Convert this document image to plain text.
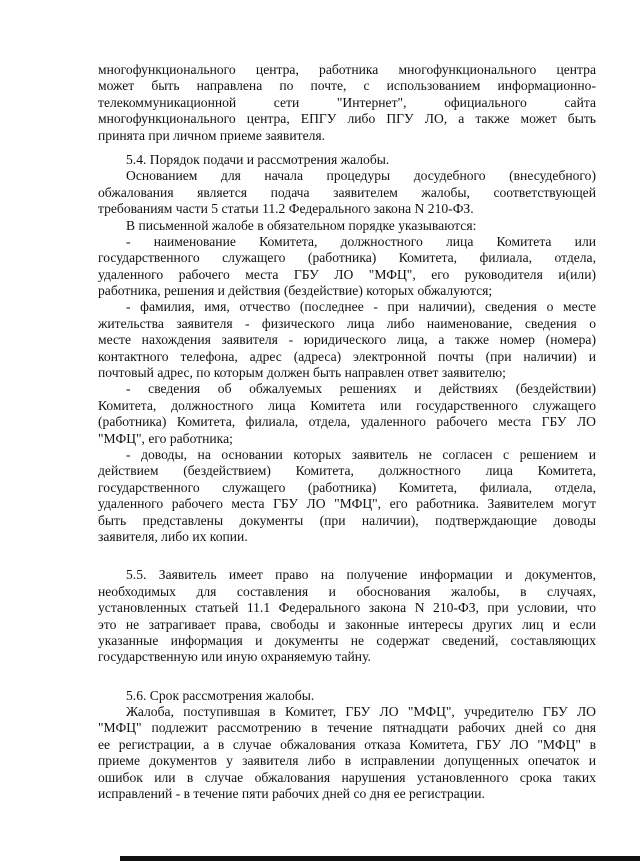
многофункционального центра, работника многофункционального центра
может быть направлена по почте, с использованием информационно-
телекоммуникационной сети "Интернет", официального сайта
многофункционального центра, ЕПГУ либо ПГУ ЛО, а также может быть
принята при личном приеме заявителя.
5.4. Порядок подачи и рассмотрения жалобы.
Основанием для начала процедуры досудебного (внесудебного)
обжалования является подача заявителем жалобы, соответствующей
требованиям части 5 статьи 11.2 Федерального закона N 210-ФЗ.
В письменной жалобе в обязательном порядке указываются:
- наименование Комитета, должностного лица Комитета или
государственного служащего (работника) Комитета, филиала, отдела,
удаленного рабочего места ГБУ ЛО "МФЦ", его руководителя и(или)
работника, решения и действия (бездействие) которых обжалуются;
- фамилия, имя, отчество (последнее - при наличии), сведения о месте
жительства заявителя - физического лица либо наименование, сведения о
месте нахождения заявителя - юридического лица, а также номер (номера)
контактного телефона, адрес (адреса) электронной почты (при наличии) и
почтовый адрес, по которым должен быть направлен ответ заявителю;
- сведения об обжалуемых решениях и действиях (бездействии)
Комитета, должностного лица Комитета или государственного служащего
(работника) Комитета, филиала, отдела, удаленного рабочего места ГБУ ЛО
"МФЦ", его работника;
- доводы, на основании которых заявитель не согласен с решением и
действием (бездействием) Комитета, должностного лица Комитета,
государственного служащего (работника) Комитета, филиала, отдела,
удаленного рабочего места ГБУ ЛО "МФЦ", его работника. Заявителем могут
быть представлены документы (при наличии), подтверждающие доводы
заявителя, либо их копии.
5.5. Заявитель имеет право на получение информации и документов,
необходимых для составления и обоснования жалобы, в случаях,
установленных статьей 11.1 Федерального закона N 210-ФЗ, при условии, что
это не затрагивает права, свободы и законные интересы других лиц и если
указанные информация и документы не содержат сведений, составляющих
государственную или иную охраняемую тайну.
5.6. Срок рассмотрения жалобы.
Жалоба, поступившая в Комитет, ГБУ ЛО "МФЦ", учредителю ГБУ ЛО
"МФЦ" подлежит рассмотрению в течение пятнадцати рабочих дней со дня
ее регистрации, а в случае обжалования отказа Комитета, ГБУ ЛО "МФЦ" в
приеме документов у заявителя либо в исправлении допущенных опечаток и
ошибок или в случае обжалования нарушения установленного срока таких
исправлений - в течение пяти рабочих дней со дня ее регистрации.
